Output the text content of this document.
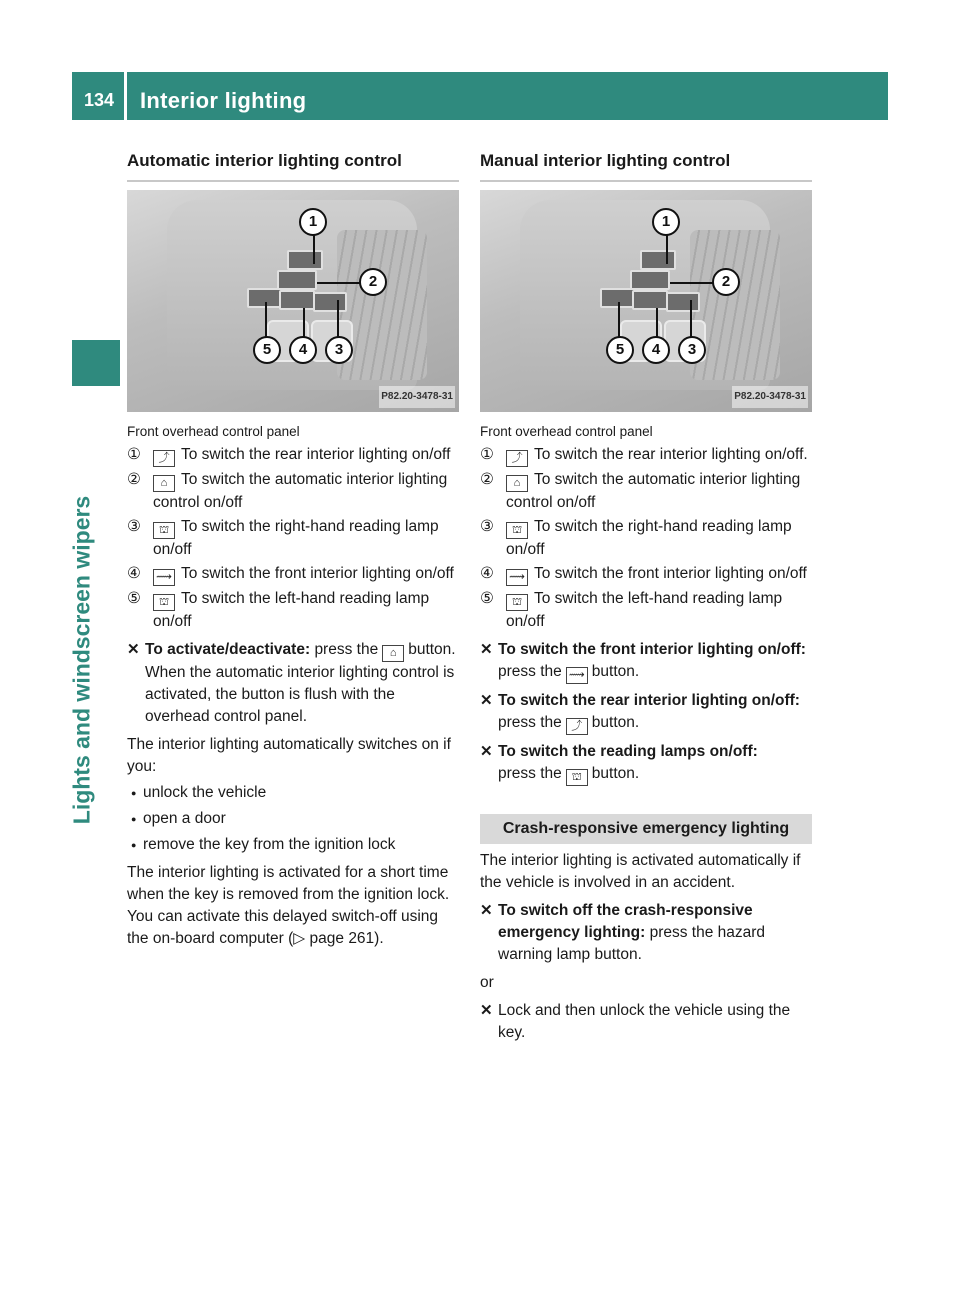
134 Interior lighting
Lights and windscreen wipers
Automatic interior lighting control
1
2
3
4
5
P82.20-3478-31
Front overhead control panel
①	⤴ To switch the rear interior lighting on/off
②	⌂ To switch the automatic interior lighting control on/off
③	⛫ To switch the right-hand reading lamp on/off
④	⟿ To switch the front interior lighting on/off
⑤	⛫ To switch the left-hand reading lamp on/off
✕ To activate/deactivate: press the ⌂ button.
When the automatic interior lighting control is activated, the button is flush with the overhead control panel.
The interior lighting automatically switches on if you:
● unlock the vehicle
● open a door
● remove the key from the ignition lock
The interior lighting is activated for a short time when the key is removed from the ignition lock. You can activate this delayed switch-off using the on-board computer (▷ page 261).
Manual interior lighting control
1
2
3
4
5
P82.20-3478-31
Front overhead control panel
①	⤴ To switch the rear interior lighting on/off.
②	⌂ To switch the automatic interior lighting control on/off
③	⛫ To switch the right-hand reading lamp on/off
④	⟿ To switch the front interior lighting on/off
⑤	⛫ To switch the left-hand reading lamp on/off
✕ To switch the front interior lighting on/off: press the ⟿ button.
✕ To switch the rear interior lighting on/off: press the ⤴ button.
✕ To switch the reading lamps on/off:
press the ⛫ button.
Crash-responsive emergency lighting
The interior lighting is activated automatically if the vehicle is involved in an accident.
✕ To switch off the crash-responsive emergency lighting: press the hazard warning lamp button.
or
✕ Lock and then unlock the vehicle using the key.
